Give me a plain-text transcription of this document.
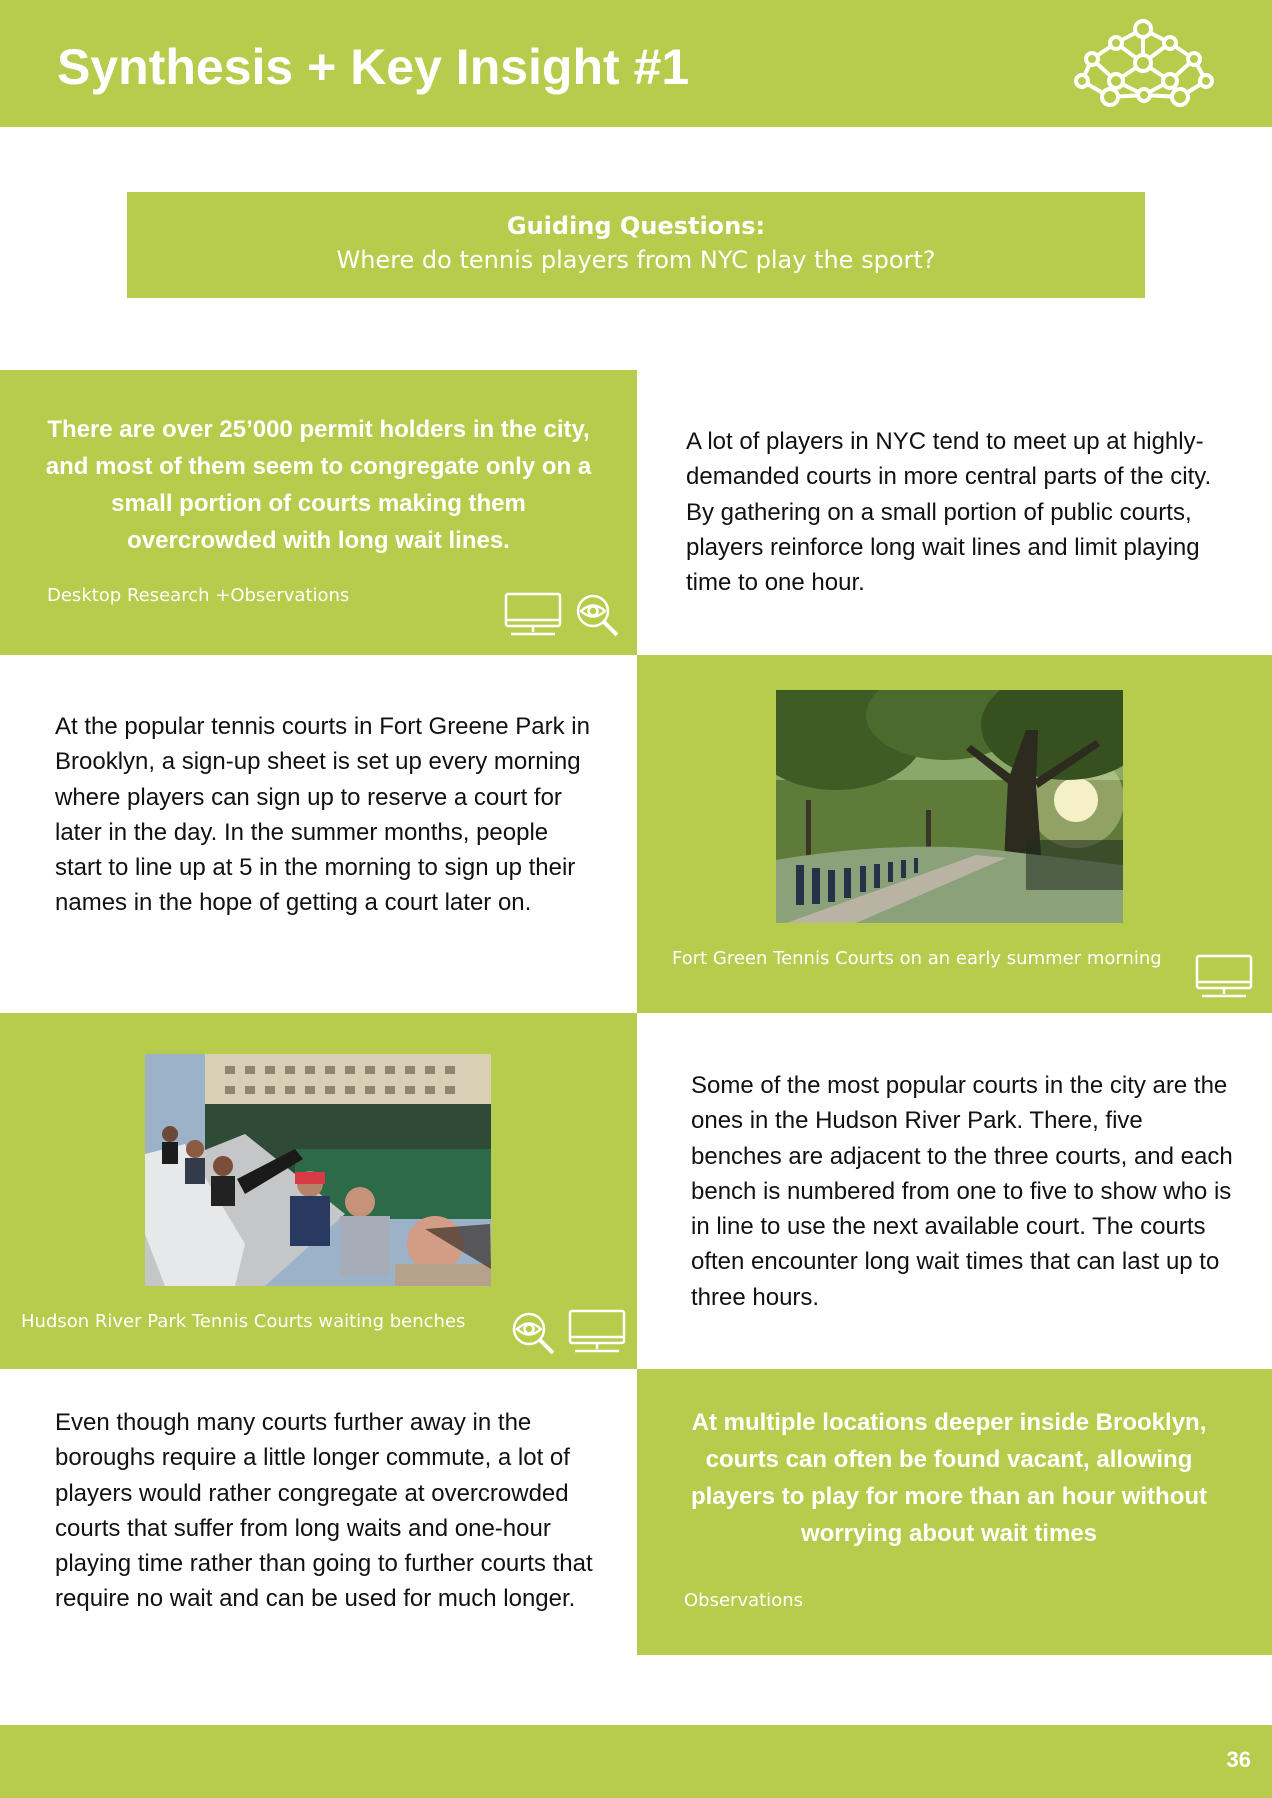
Synthesis + Key Insight #1
Guiding Questions:
Where do tennis players from NYC play the sport?
There are over 25’000 permit holders in the city, and most of them seem to congregate only on a small portion of courts making them overcrowded with long wait lines.
Desktop Research +Observations
A lot of players in NYC tend to meet up at highly-demanded courts in more central parts of the city. By gathering on a small portion of public courts, players reinforce long wait lines and limit playing time to one hour.
At the popular tennis courts in Fort Greene Park in Brooklyn, a sign-up sheet is set up every morning where players can sign up to reserve a court for later in the day. In the summer months, people start to line up at 5 in the morning to sign up their names in the hope of getting a court later on.
Fort Green Tennis Courts on an early summer morning
Hudson River Park Tennis Courts waiting benches
Some of the most popular courts in the city are the ones in the Hudson River Park. There, five benches are adjacent to the three courts, and each bench is numbered from one to five to show who is in line to use the next available court. The courts often encounter long wait times that can last up to three hours.
Even though many courts further away in the boroughs require a little longer commute, a lot of players would rather congregate at overcrowded courts that suffer from long waits and one-hour playing time rather than going to further courts that require no wait and can be used for much longer.
At multiple locations deeper inside Brooklyn, courts can often be found vacant, allowing players to play for more than an hour without worrying about wait times
Observations
36
